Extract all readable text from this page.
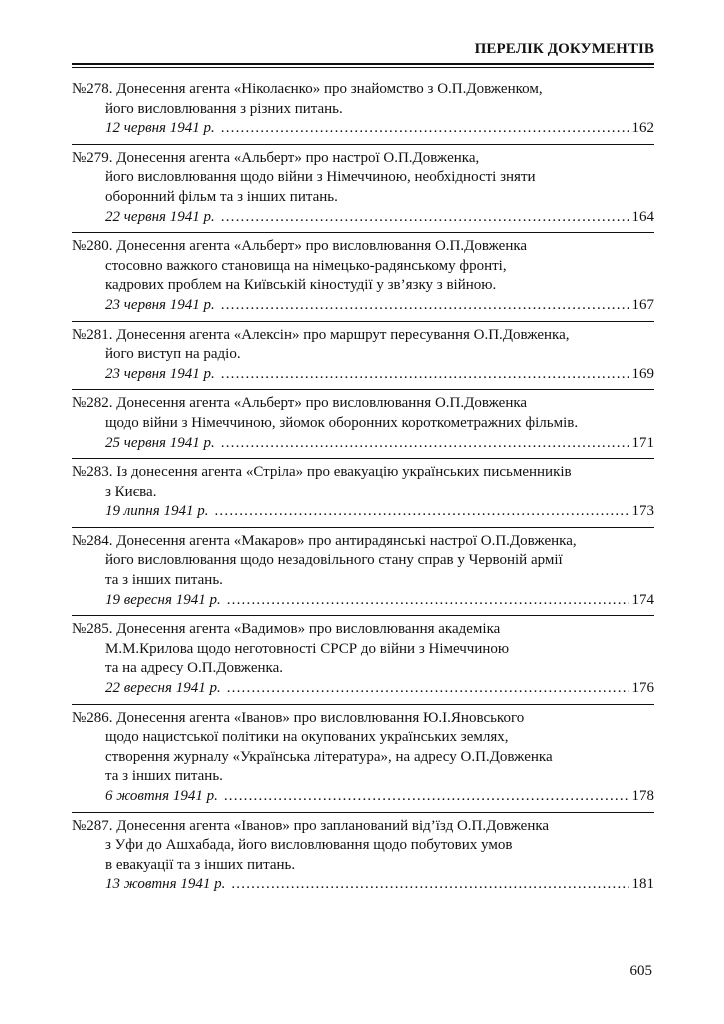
ПЕРЕЛІК ДОКУМЕНТІВ
№278. Донесення агента «Ніколаєнко» про знайомство з О.П.Довженком,
його висловлювання з різних питань.
12 червня 1941 р. .....	162
№279. Донесення агента «Альберт» про настрої О.П.Довженка,
його висловлювання щодо війни з Німеччиною, необхідності зняти
оборонний фільм та з інших питань.
22 червня 1941 р. .....	164
№280. Донесення агента «Альберт» про висловлювання О.П.Довженка
стосовно важкого становища на німецько-радянському фронті,
кадрових проблем на Київській кіностудії у зв’язку з війною.
23 червня 1941 р. .....	167
№281. Донесення агента «Алексін» про маршрут пересування О.П.Довженка,
його виступ на радіо.
23 червня 1941 р. .....	169
№282. Донесення агента «Альберт» про висловлювання О.П.Довженка
щодо війни з Німеччиною, зйомок оборонних короткометражних фільмів.
25 червня 1941 р. .....	171
№283. Із донесення агента «Стріла» про евакуацію українських письменників
з Києва.
19 липня 1941 р. .....	173
№284. Донесення агента «Макаров» про антирадянські настрої О.П.Довженка,
його висловлювання щодо незадовільного стану справ у Червоній армії
та з інших питань.
19 вересня 1941 р. .....	174
№285. Донесення агента «Вадимов» про висловлювання академіка
М.М.Крилова щодо неготовності СРСР до війни з Німеччиною
та на адресу О.П.Довженка.
22 вересня 1941 р. .....	176
№286. Донесення агента «Іванов» про висловлювання Ю.І.Яновського
щодо нацистської політики на окупованих українських землях,
створення журналу «Українська література», на адресу О.П.Довженка
та з інших питань.
6 жовтня 1941 р. .....	178
№287. Донесення агента «Іванов» про запланований від’їзд О.П.Довженка
з Уфи до Ашхабада, його висловлювання щодо побутових умов
в евакуації та з інших питань.
13 жовтня 1941 р. .....	181
605
